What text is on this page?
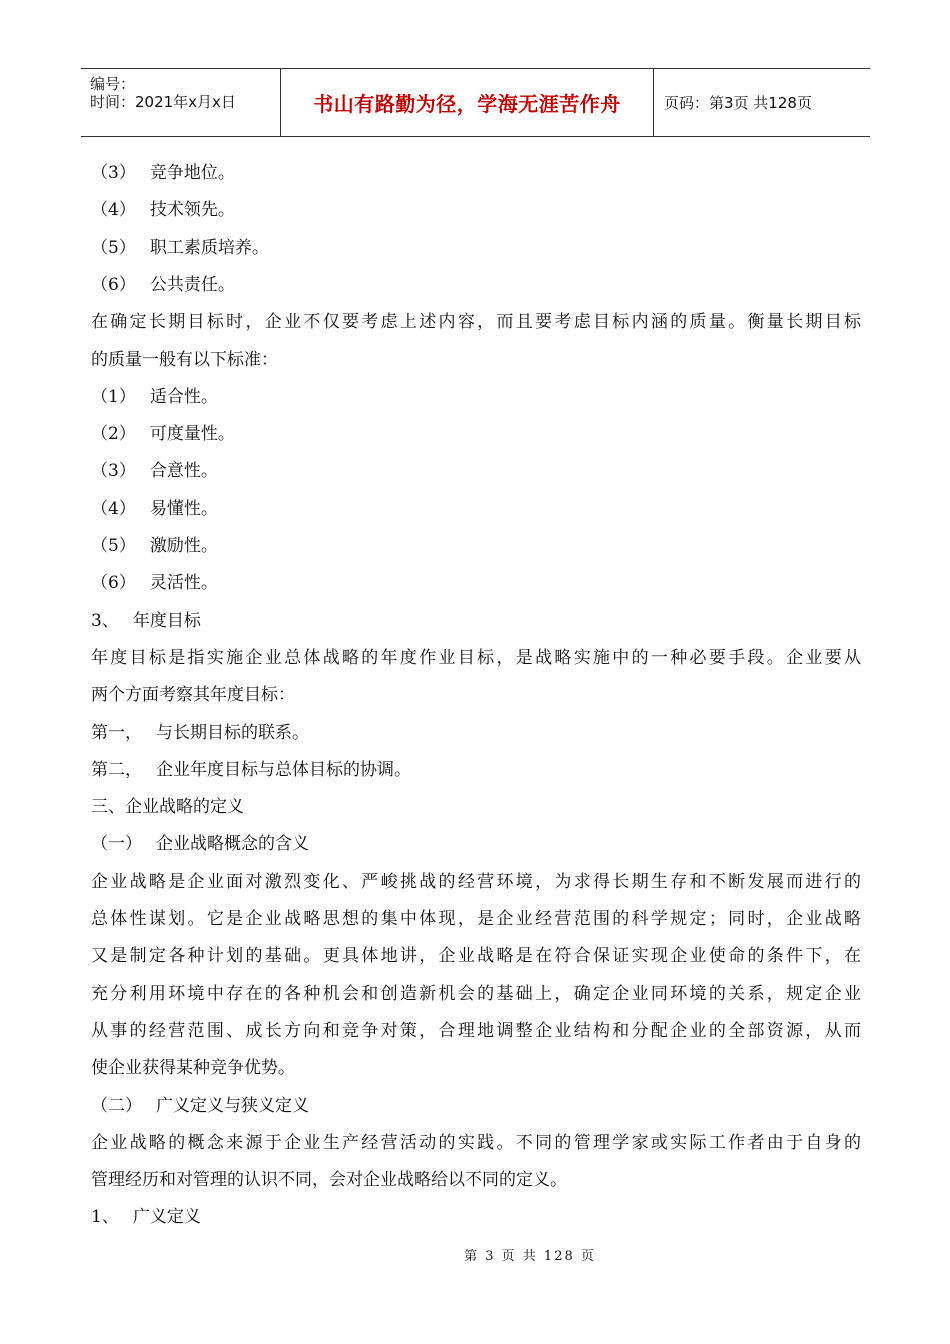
编号：
时间：2021年x月x日	书山有路勤为径，学海无涯苦作舟	页码：第3页 共128页
（3） 竞争地位。
（4） 技术领先。
（5） 职工素质培养。
（6） 公共责任。
在确定长期目标时，企业不仅要考虑上述内容，而且要考虑目标内涵的质量。衡量长期目标
的质量一般有以下标准：
（1） 适合性。
（2） 可度量性。
（3） 合意性。
（4） 易懂性。
（5） 激励性。
（6） 灵活性。
3、 年度目标
年度目标是指实施企业总体战略的年度作业目标，是战略实施中的一种必要手段。企业要从
两个方面考察其年度目标：
第一， 与长期目标的联系。
第二， 企业年度目标与总体目标的协调。
三、企业战略的定义
（一） 企业战略概念的含义
企业战略是企业面对激烈变化、严峻挑战的经营环境，为求得长期生存和不断发展而进行的
总体性谋划。它是企业战略思想的集中体现，是企业经营范围的科学规定；同时，企业战略
又是制定各种计划的基础。更具体地讲，企业战略是在符合保证实现企业使命的条件下，在
充分利用环境中存在的各种机会和创造新机会的基础上，确定企业同环境的关系，规定企业
从事的经营范围、成长方向和竞争对策，合理地调整企业结构和分配企业的全部资源，从而
使企业获得某种竞争优势。
（二） 广义定义与狭义定义
企业战略的概念来源于企业生产经营活动的实践。不同的管理学家或实际工作者由于自身的
管理经历和对管理的认识不同，会对企业战略给以不同的定义。
1、 广义定义
第 3 页 共 128 页
